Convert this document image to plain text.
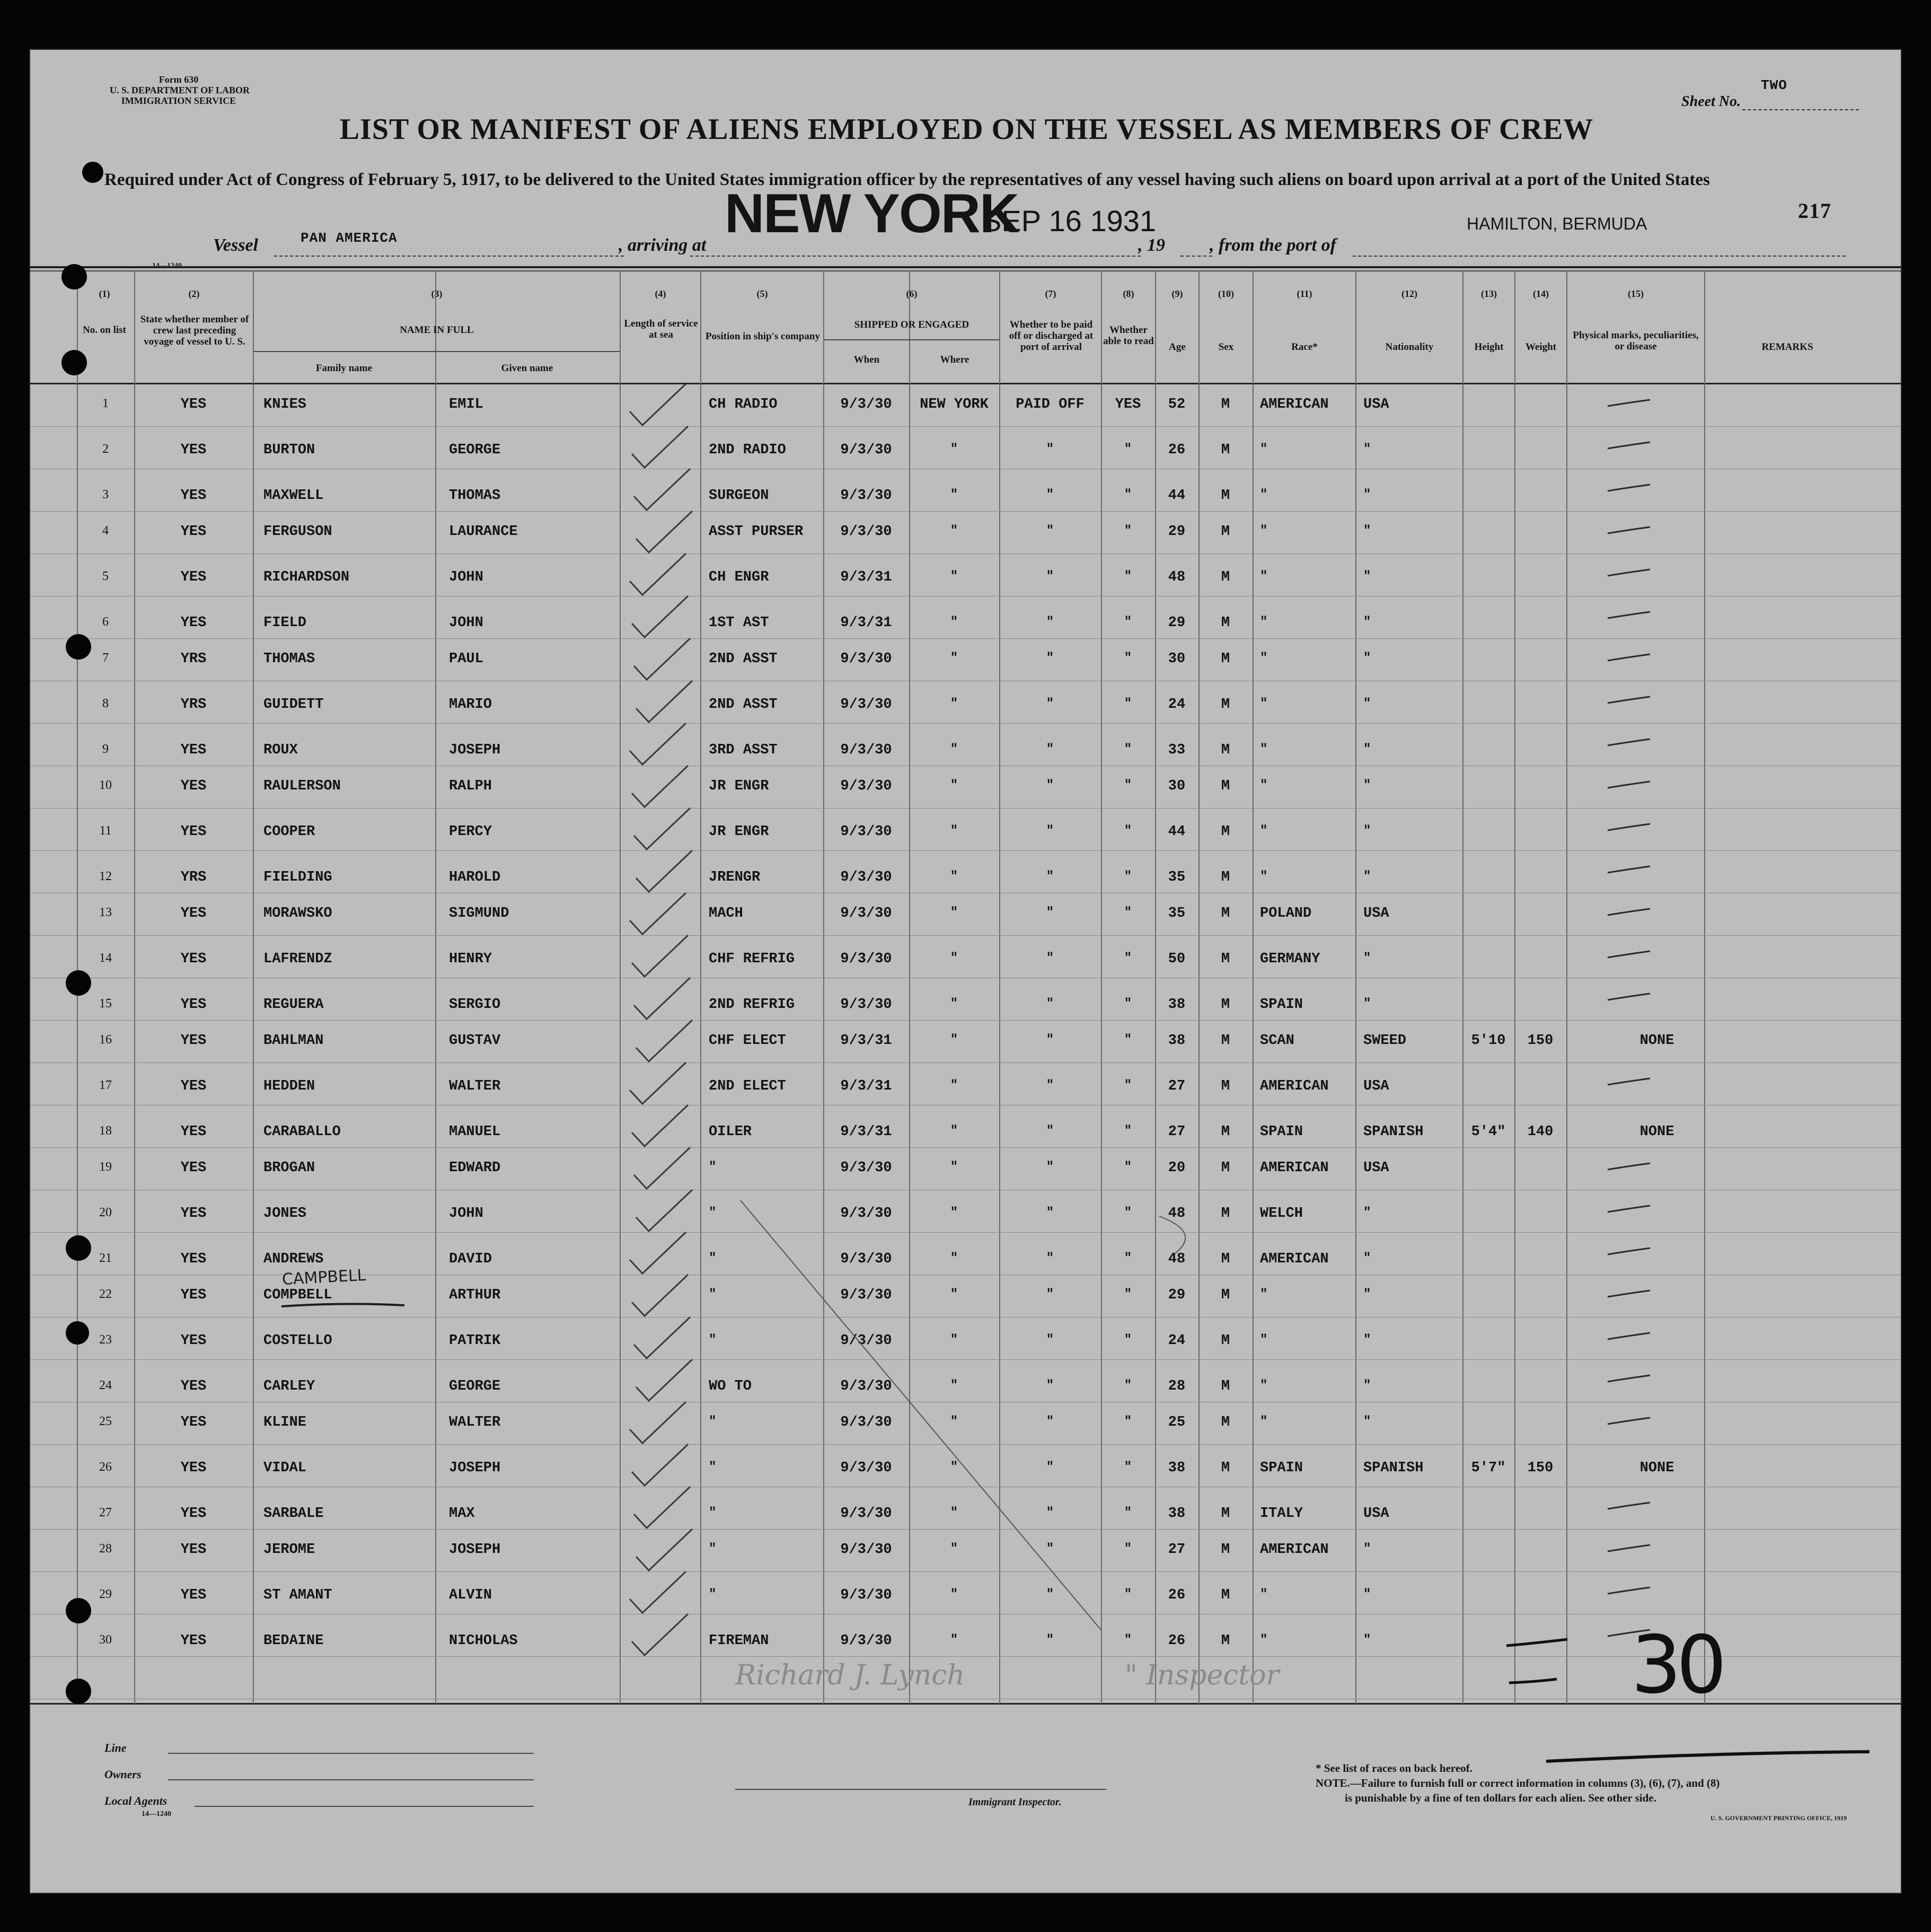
Form 630
U. S. DEPARTMENT OF LABOR
IMMIGRATION SERVICE	Sheet No.
TWO
LIST OR MANIFEST OF ALIENS EMPLOYED ON THE VESSEL AS MEMBERS OF CREW
Required under Act of Congress of February 5, 1917, to be delivered to the United States immigration officer by the representatives of any vessel having such aliens on board upon arrival at a port of the United States
217
Vessel	PAN AMERICA	, arriving at
NEW YORK
SEP 16 1931
, 19 , from the port of
HAMILTON, BERMUDA
(1)
No. on list
(2)
State whether member of crew last preceding voyage of vessel to U. S.
(3)
NAME IN FULL
Family name	Given name
(4)
Length of service at sea
(5)
Position in ship's company
(6)
SHIPPED OR ENGAGED
When	Where
(7)
Whether to be paid off or discharged at port of arrival
(8)
Whether able to read
(9)
Age
(10)
Sex
(11)
Race*
(12)
Nationality
(13)
Height
(14)
Weight
(15)
Physical marks, peculiarities, or disease	REMARKS
1	YES	KNIES	EMIL	CH RADIO	9/3/30	NEW YORK	PAID OFF	YES	52	M	AMERICAN	USA
2	YES	BURTON	GEORGE	2ND RADIO	9/3/30	"	"	"	26	M	"	"
3	YES	MAXWELL	THOMAS	SURGEON	9/3/30	"	"	"	44	M	"	"
4	YES	FERGUSON	LAURANCE	ASST PURSER	9/3/30	"	"	"	29	M	"	"
5	YES	RICHARDSON	JOHN	CH ENGR	9/3/31	"	"	"	48	M	"	"
6	YES	FIELD	JOHN	1ST AST	9/3/31	"	"	"	29	M	"	"
7	YRS	THOMAS	PAUL	2ND ASST	9/3/30	"	"	"	30	M	"	"
8	YRS	GUIDETT	MARIO	2ND ASST	9/3/30	"	"	"	24	M	"	"
9	YES	ROUX	JOSEPH	3RD ASST	9/3/30	"	"	"	33	M	"	"
10	YES	RAULERSON	RALPH	JR ENGR	9/3/30	"	"	"	30	M	"	"
11	YES	COOPER	PERCY	JR ENGR	9/3/30	"	"	"	44	M	"	"
12	YRS	FIELDING	HAROLD	JRENGR	9/3/30	"	"	"	35	M	"	"
13	YES	MORAWSKO	SIGMUND	MACH	9/3/30	"	"	"	35	M	POLAND	USA
14	YES	LAFRENDZ	HENRY	CHF REFRIG	9/3/30	"	"	"	50	M	GERMANY	"
15	YES	REGUERA	SERGIO	2ND REFRIG	9/3/30	"	"	"	38	M	SPAIN	"
16	YES	BAHLMAN	GUSTAV	CHF ELECT	9/3/31	"	"	"	38	M	SCAN	SWEED	5'10	150	NONE
17	YES	HEDDEN	WALTER	2ND ELECT	9/3/31	"	"	"	27	M	AMERICAN	USA
18	YES	CARABALLO	MANUEL	OILER	9/3/31	"	"	"	27	M	SPAIN	SPANISH	5'4"	140	NONE
19	YES	BROGAN	EDWARD	"	9/3/30	"	"	"	20	M	AMERICAN	USA
20	YES	JONES	JOHN	"	9/3/30	"	"	"	48	M	WELCH	"
21	YES	ANDREWS	DAVID	"	9/3/30	"	"	"	48	M	AMERICAN	"
22	YES	COMPBELL	ARTHUR	"	9/3/30	"	"	"	29	M	"	"
23	YES	COSTELLO	PATRIK	"	9/3/30	"	"	"	24	M	"	"
24	YES	CARLEY	GEORGE	WO TO	9/3/30	"	"	"	28	M	"	"
25	YES	KLINE	WALTER	"	9/3/30	"	"	"	25	M	"	"
26	YES	VIDAL	JOSEPH	"	9/3/30	"	"	"	38	M	SPAIN	SPANISH	5'7"	150	NONE
27	YES	SARBALE	MAX	"	9/3/30	"	"	"	38	M	ITALY	USA
28	YES	JEROME	JOSEPH	"	9/3/30	"	"	"	27	M	AMERICAN	"
29	YES	ST AMANT	ALVIN	"	9/3/30	"	"	"	26	M	"	"
30	YES	BEDAINE	NICHOLAS	FIREMAN	9/3/30	"	"	"	26	M	"	"
CAMPBELL
Richard J. Lynch	" Inspector	30
Line
Owners
Local Agents
14—1240
Immigrant Inspector.
* See list of races on back hereof.
NOTE.—Failure to furnish full or correct information in columns (3), (6), (7), and (8)
is punishable by a fine of ten dollars for each alien. See other side.
U. S. GOVERNMENT PRINTING OFFICE, 1919
